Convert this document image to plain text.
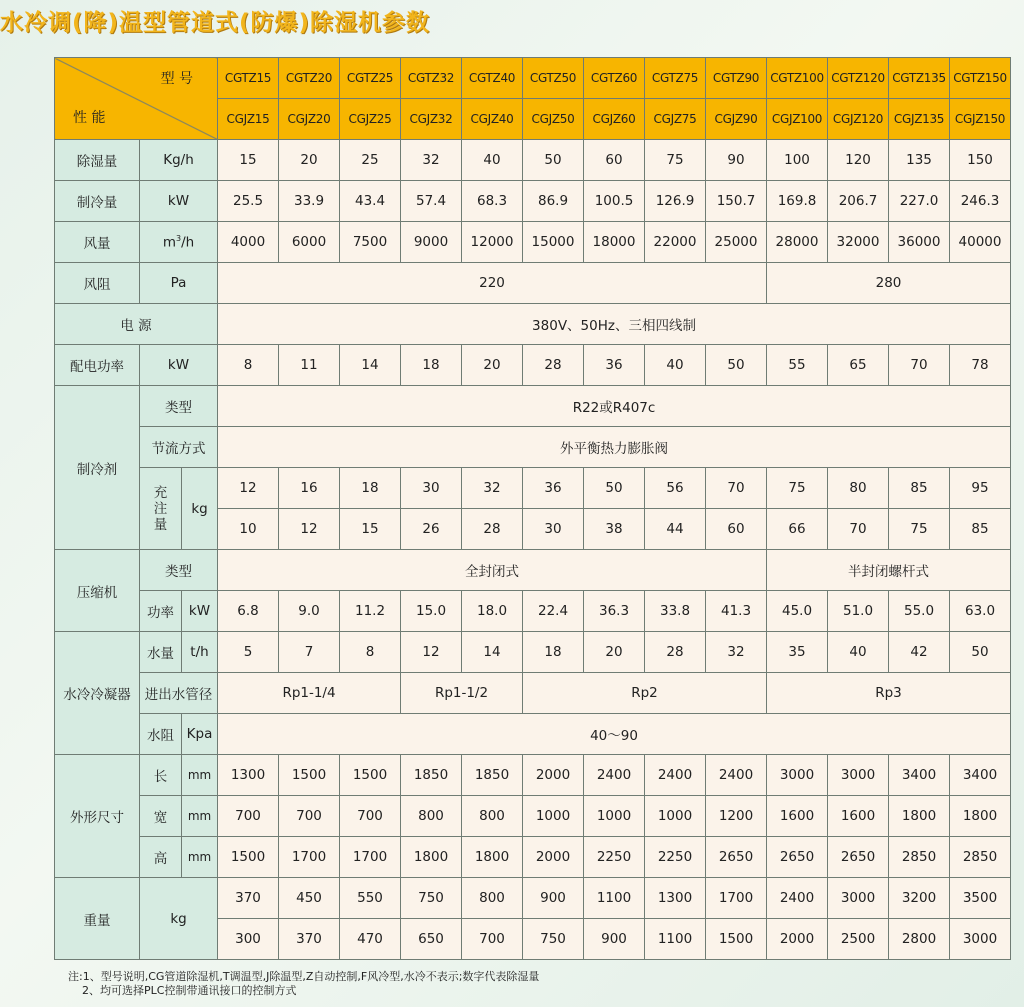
水冷调(降)温型管道式(防爆)除湿机参数
型 号
性 能			CGTZ15	CGTZ20	CGTZ25	CGTZ32	CGTZ40	CGTZ50	CGTZ60	CGTZ75	CGTZ90	CGTZ100	CGTZ120	CGTZ135	CGTZ150
			CGJZ15	CGJZ20	CGJZ25	CGJZ32	CGJZ40	CGJZ50	CGJZ60	CGJZ75	CGJZ90	CGJZ100	CGJZ120	CGJZ135	CGJZ150
除湿量	Kg/h		15	20	25	32	40	50	60	75	90	100	120	135	150
制冷量	kW		25.5	33.9	43.4	57.4	68.3	86.9	100.5	126.9	150.7	169.8	206.7	227.0	246.3
风量	$m^3/h$		4000	6000	7500	9000	12000	15000	18000	22000	25000	28000	32000	36000	40000
风阻	Pa		220									280			
电 源			380V、50Hz、三相四线制												
配电功率	kW		8	11	14	18	20	28	36	40	50	55	65	70	78
制冷剂	类型		R22或R407c												
	节流方式		外平衡热力膨胀阀												
	充注量	kg	12	16	18	30	32	36	50	56	70	75	80	85	95
			10	12	15	26	28	30	38	44	60	66	70	75	85
压缩机	类型		全封闭式									半封闭螺杆式			
	功率	kW	6.8	9.0	11.2	15.0	18.0	22.4	36.3	33.8	41.3	45.0	51.0	55.0	63.0
水冷冷凝器	水量	t/h	5	7	8	12	14	18	20	28	32	35	40	42	50
	进出水管径		Rp1-1/4			Rp1-1/2		Rp2				Rp3			
	水阻	Kpa	40～90												
外形尺寸	长	mm	1300	1500	1500	1850	1850	2000	2400	2400	2400	3000	3000	3400	3400
	宽	mm	700	700	700	800	800	1000	1000	1000	1200	1600	1600	1800	1800
	高	mm	1500	1700	1700	1800	1800	2000	2250	2250	2650	2650	2650	2850	2850
重量	kg		370	450	550	750	800	900	1100	1300	1700	2400	3000	3200	3500
			300	370	470	650	700	750	900	1100	1500	2000	2500	2800	3000
注:1、型号说明,CG管道除湿机,T调温型,J除温型,Z自动控制,F风冷型,水冷不表示;数字代表除湿量
2、均可选择PLC控制带通讯接口的控制方式
